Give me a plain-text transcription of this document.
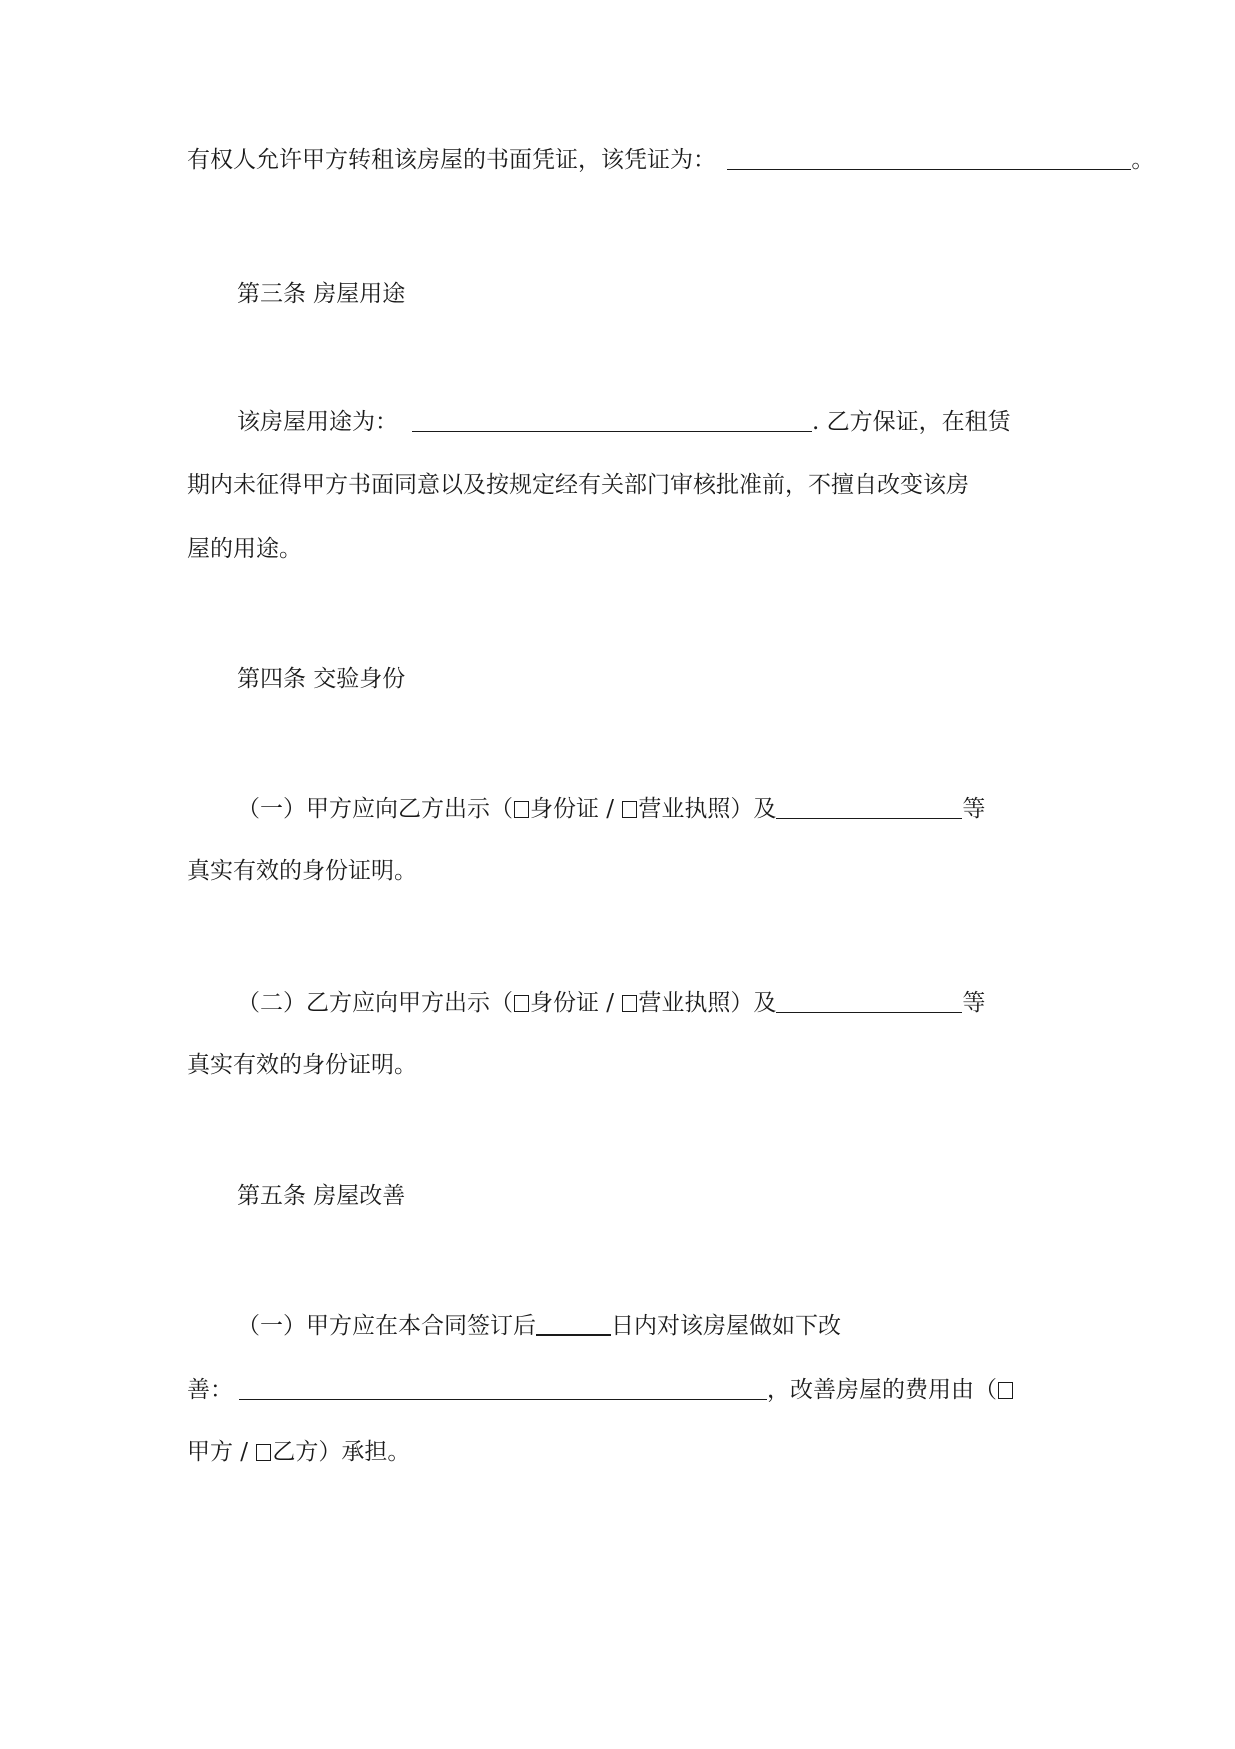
有权人允许甲方转租该房屋的书面凭证，该凭证为：	。
第三条 房屋用途
该房屋用途为：	. 乙方保证，在租赁
期内未征得甲方书面同意以及按规定经有关部门审核批准前，不擅自改变该房
屋的用途。
第四条 交验身份
（一）甲方应向乙方出示（ 身份证 / 营业执照）及	等
真实有效的身份证明。
（二）乙方应向甲方出示（ 身份证 / 营业执照）及	等
真实有效的身份证明。
第五条 房屋改善
（一）甲方应在本合同签订后	日内对该房屋做如下改
善：	，改善房屋的费用由（
甲方 / 乙方）承担。
